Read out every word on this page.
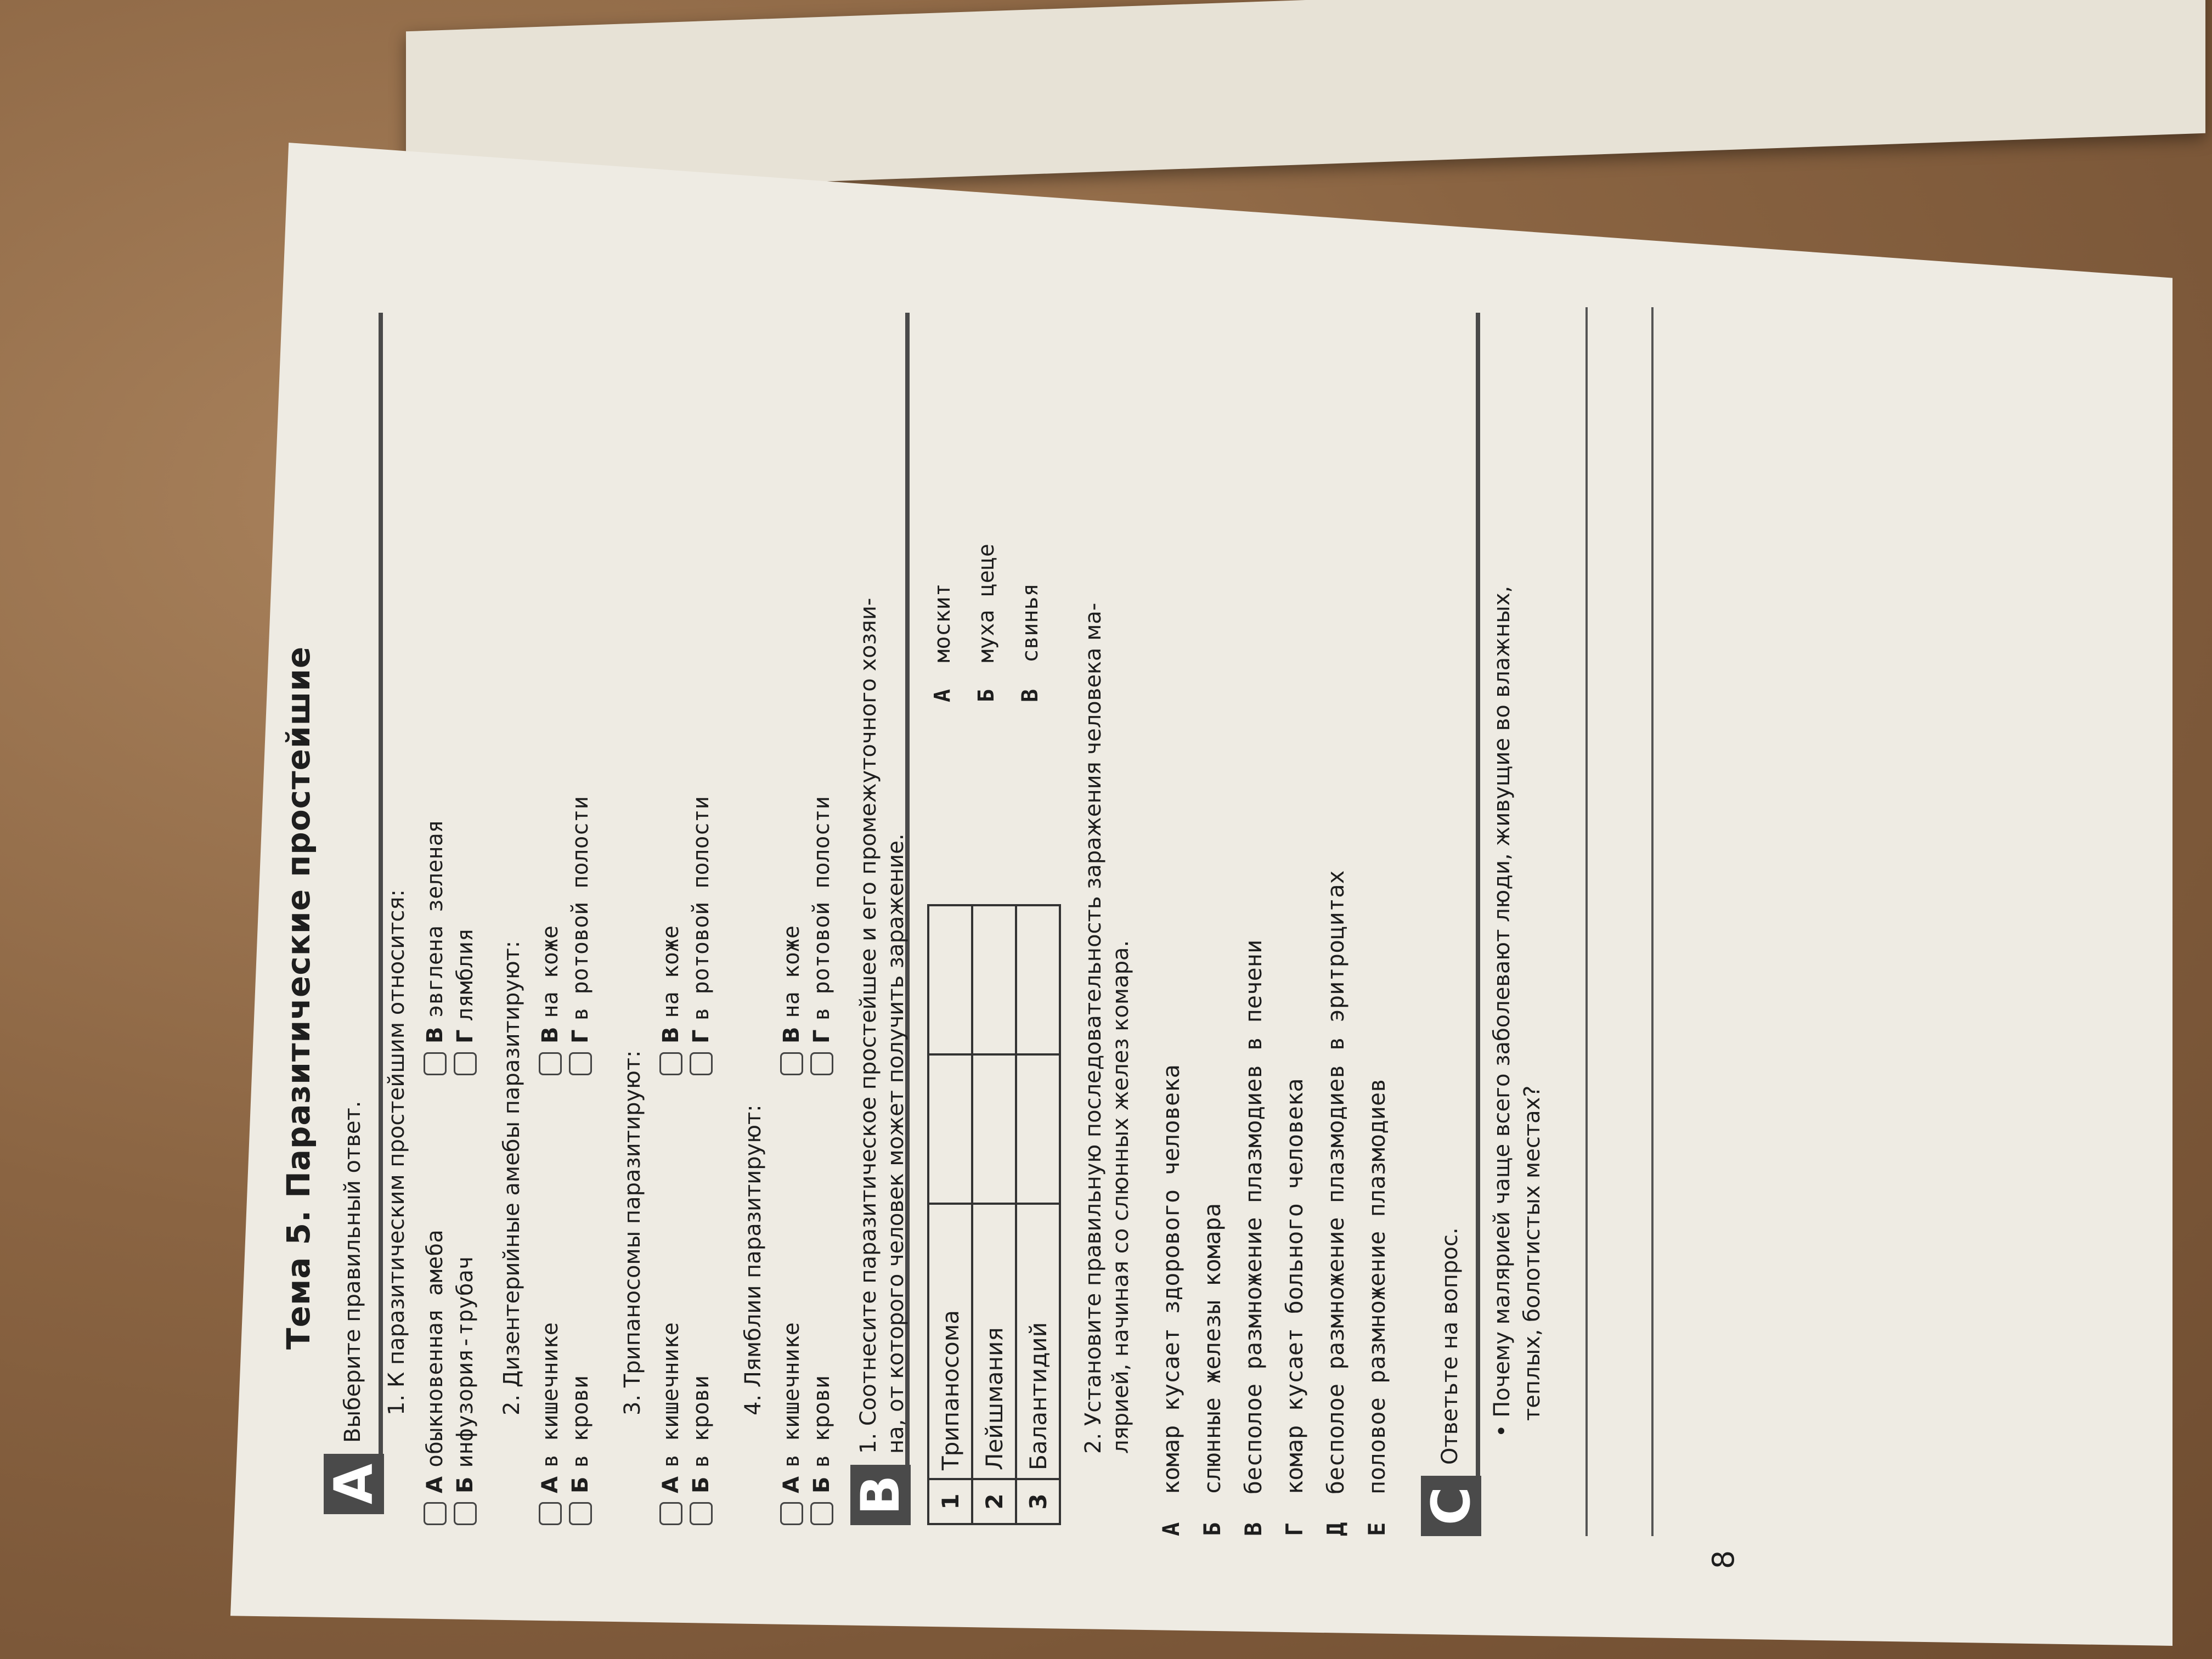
Тема 5. Паразитические простейшие
A
Выберите правильный ответ. 1. К паразитическим простейшим относится:
А
обыкновенная амеба
Б
инфузория-трубач
В
эвглена зеленая
Г
лямблия 2. Дизентерийные амебы паразитируют:
А
в кишечнике
Б
в крови
В
на коже
Г
в ротовой полости
3. Трипаносомы паразитируют:
А
в кишечнике
Б
в крови
В
на коже
Г
в ротовой полости
4. Лямблии паразитируют:
А
в кишечнике
Б
в крови
В
на коже
Г
в ротовой полости
B
1. Соотнесите паразитическое простейшее и его промежуточного хозяи- на, от которого человек может получить заражение.
1	Трипаносома		
2	Лейшмания		
3	Балантидий		
А  москит
Б  муха цеце
В  свинья 2. Установите правильную последовательность заражения человека ма- лярией, начиная со слюнных желез комара.
А  комар кусает здорового человека
Б  слюнные железы комара
В  бесполое размножение плазмодиев в печени
Г  комар кусает больного человека
Д  бесполое размножение плазмодиев в эритроцитах
Е  половое размножение плазмодиев
C
Ответьте на вопрос. • Почему малярией чаще всего заболевают люди, живущие во влажных, теплых, болотистых местах?
8
